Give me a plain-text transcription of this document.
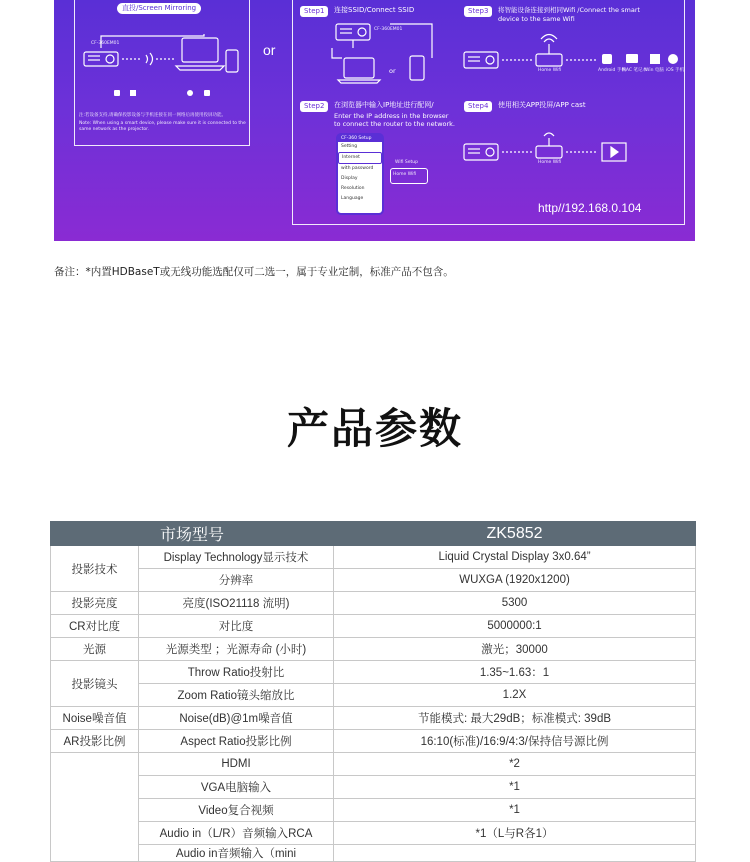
直投/Screen Mirroring
CF-360EM01
注:若设备支持,请确保投影设备与手机连接在同一网络后再使用投屏功能。
Note: When using a smart device, please make sure it is connected to the same network as the projector.
or
Step1	连接SSID/Connect SSID
CF-360EM01
or
Step2	在浏览器中输入IP地址进行配网/
Enter the IP address in the browser
to connect the router to the network.
CF-360 Setup
Setting
Internet
with password
Display
Resolution
Language
Wifi Setup
Home Wifi
Step3	将智能设备连接到相同Wifi /Connect the smart
device to the same Wifi
Home Wifi	Android 手机
MAC 笔记本
Win 电脑 iOS 手机
Step4	使用相关APP投屏/APP cast
Home Wifi
http//192.168.0.104
备注：*内置HDBaseT或无线功能选配仅可二选一，属于专业定制，标准产品不包含。
产品参数
市场型号		ZK5852
投影技术	Display Technology显示技术	Liquid Crystal Display 3x0.64”
	分辨率	WUXGA (1920x1200)
投影亮度	亮度(ISO21118 流明)	5300
CR对比度	对比度	5000000:1
光源	光源类型 ；光源寿命 (小时)	激光；30000
投影镜头	Throw Ratio投射比	1.35~1.63：1
	Zoom Ratio镜头缩放比	1.2X
Noise噪音值	Noise(dB)@1m噪音值	节能模式: 最大29dB；标准模式: 39dB
AR投影比例	Aspect Ratio投影比例	16:10(标准)/16:9/4:3/保持信号源比例
	HDMI	*2
	VGA电脑输入	*1
	Video复合视频	*1
	Audio in（L/R）音频输入RCA	*1（L与R各1）
	Audio in音频输入（mini	
